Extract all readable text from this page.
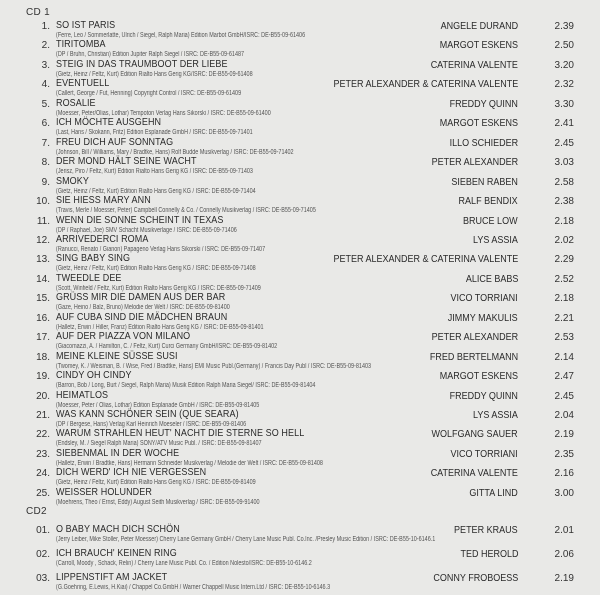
CD 1
1. SO IST PARIS
(Ferre, Leo / Sommerlatte, Ulrich / Siegel, Ralph Maria) Edition Marbot GmbH/ISRC: DE-B55-09-61406
ANGELE DURAND	2.39
2. TIRITOMBA
(DP / Bruhn, Christian) Edition Jupiter Ralph Siegel / ISRC: DE-B55-09-61487
MARGOT ESKENS	2.50
3. STEIG IN DAS TRAUMBOOT DER LIEBE
(Gietz, Heinz / Feltz, Kurt) Edition Rialto Hans Gerig KG/ISRC: DE-B55-09-61408
CATERINA VALENTE	3.20
4. EVENTUELL
(Callert, George / Fut, Henning) Copyright Control / ISRC: DE-B55-09-61409
PETER ALEXANDER & CATERINA VALENTE	2.32
5. ROSALIE
(Moesser, Peter/Olias, Lothar) Tempoton Verlag Hans Sikorski / ISRC: DE-B55-09-61400
FREDDY QUINN	3.30
6. ICH MÖCHTE AUSGEHN
(Last, Hans / Skokann, Fritz) Edition Esplanade GmbH / ISRC: DE-B55-09-71401
MARGOT ESKENS	2.41
7. FREU DICH AUF SONNTAG
(Johnson, Bill / Williams, Mary / Bradtke, Hans) Rolf Budde Musikverlag / ISRC: DE-B55-09-71402
ILLO SCHIEDER	2.45
8. DER MOND HÄLT SEINE WACHT
(Jerisz, Piro / Feltz, Kurt) Edition Rialto Hans Gerig KG / ISRC: DE-B55-09-71403
PETER ALEXANDER	3.03
9. SMOKY
(Gietz, Heinz / Feltz, Kurt) Edition Rialto Hans Gerig KG / ISRC: DE-B55-09-71404
SIEBEN RABEN	2.58
10. SIE HIESS MARY ANN
(Travis, Merle / Moesser, Peter) Campbell Connelly & Co. / Connelly Musikverlag / ISRC: DE-B55-09-71405
RALF BENDIX	2.38
11. WENN DIE SONNE SCHEINT IN TEXAS
(DP / Raphael, Joe) SMV Schacht Musikverlage / ISRC: DE-B55-09-71406
BRUCE LOW	2.18
12. ARRIVEDERCI ROMA
(Ranucci, Renato / Gianon) Papageno Verlag Hans Sikorski / ISRC: DE-B55-09-71407
LYS ASSIA	2.02
13. SING BABY SING
(Gietz, Heinz / Feltz, Kurt) Edition Rialto Hans Gerig KG / ISRC: DE-B55-09-71408
PETER ALEXANDER & CATERINA VALENTE	2.29
14. TWEEDLE DEE
(Scott, Winfield / Feltz, Kurt) Edition Rialto Hans Gerig KG / ISRC: DE-B55-09-71409
ALICE BABS	2.52
15. GRÜSS MIR DIE DAMEN AUS DER BAR
(Gaze, Heino / Balz, Bruno) Melodie der Welt / ISRC: DE-B55-09-81400
VICO TORRIANI	2.18
16. AUF CUBA SIND DIE MÄDCHEN BRAUN
(Halletz, Erwin / Hiller, Franz) Edition Rialto Hans Gerig KG / ISRC: DE-B55-09-81401
JIMMY MAKULIS	2.21
17. AUF DER PIAZZA VON MILANO
(Giacomazzi, A. / Hamilton, C. / Feltz, Kurt) Curci Germany GmbH/ISRC: DE-B55-09-81402
PETER ALEXANDER	2.53
18. MEINE KLEINE SÜSSE SUSI
(Twomey, K. / Weisman, B. / Wise, Fred / Bradtke, Hans) EMI Music Publ.(Germany) / Francis Day Publ / ISRC: DE-B55-09-81403
FRED BERTELMANN	2.14
19. CINDY OH CINDY
(Barron, Bob / Long, Burt / Siegel, Ralph Maria) Musik Edition Ralph Maria Siegel/ ISRC: DE-B55-09-81404
MARGOT ESKENS	2.47
20. HEIMATLOS
(Moesser, Peter / Olias, Lothar) Edition Esplanade GmbH / ISRC: DE-B55-09-81405
FREDDY QUINN	2.45
21. WAS KANN SCHÖNER SEIN (QUE SEARA)
(DP / Bergese, Hans) Verlag Karl Heinrich Moeseler / ISRC: DE-B55-09-81406
LYS ASSIA	2.04
22. WARUM STRAHLEN HEUT' NACHT DIE STERNE SO HELL
(Endsley, M. / Siegel Ralph Maria) SONY/ATV Music Publ. / ISRC: DE-B55-09-81407
WOLFGANG SAUER	2.19
23. SIEBENMAL IN DER WOCHE
(Halletz, Erwin / Bradtke, Hans) Hermann Schneider Musikverlag / Melodie der Welt / ISRC: DE-B55-09-81408
VICO TORRIANI	2.35
24. DICH WERD' ICH NIE VERGESSEN
(Gietz, Heinz / Feltz, Kurt) Edition Rialto Hans Gerig KG / ISRC: DE-B55-09-81409
CATERINA VALENTE	2.16
25. WEISSER HOLUNDER
(Moehrens, Theo / Ernst, Eddy) August Seith Musikverlag / ISRC: DE-B55-09-91400
GITTA LIND	3.00
CD2
01. O BABY MACH DICH SCHÖN
(Jerry Leiber, Mike Stoller, Peter Moesser) Cherry Lane Germany GmbH / Cherry Lane Music Publ. Co.Inc. /Presley Music Edition / ISRC: DE-B55-10-6146.1
PETER KRAUS	2.01
02. ICH BRAUCH' KEINEN RING
(Carroll, Moody , Schack, Relin) / Cherry Lane Music Publ. Co. / Edition Nolesto/ISRC: DE-B55-10-6146.2
TED HEROLD	2.06
03. LIPPENSTIFT AM JACKET
(G.Goehring, E.Lewis, H.Kiai) / Chappel Co.GmbH / Warner Chappell Music Intern.Ltd / ISRC: DE-B55-10-6146.3
CONNY FROBOESS	2.19
